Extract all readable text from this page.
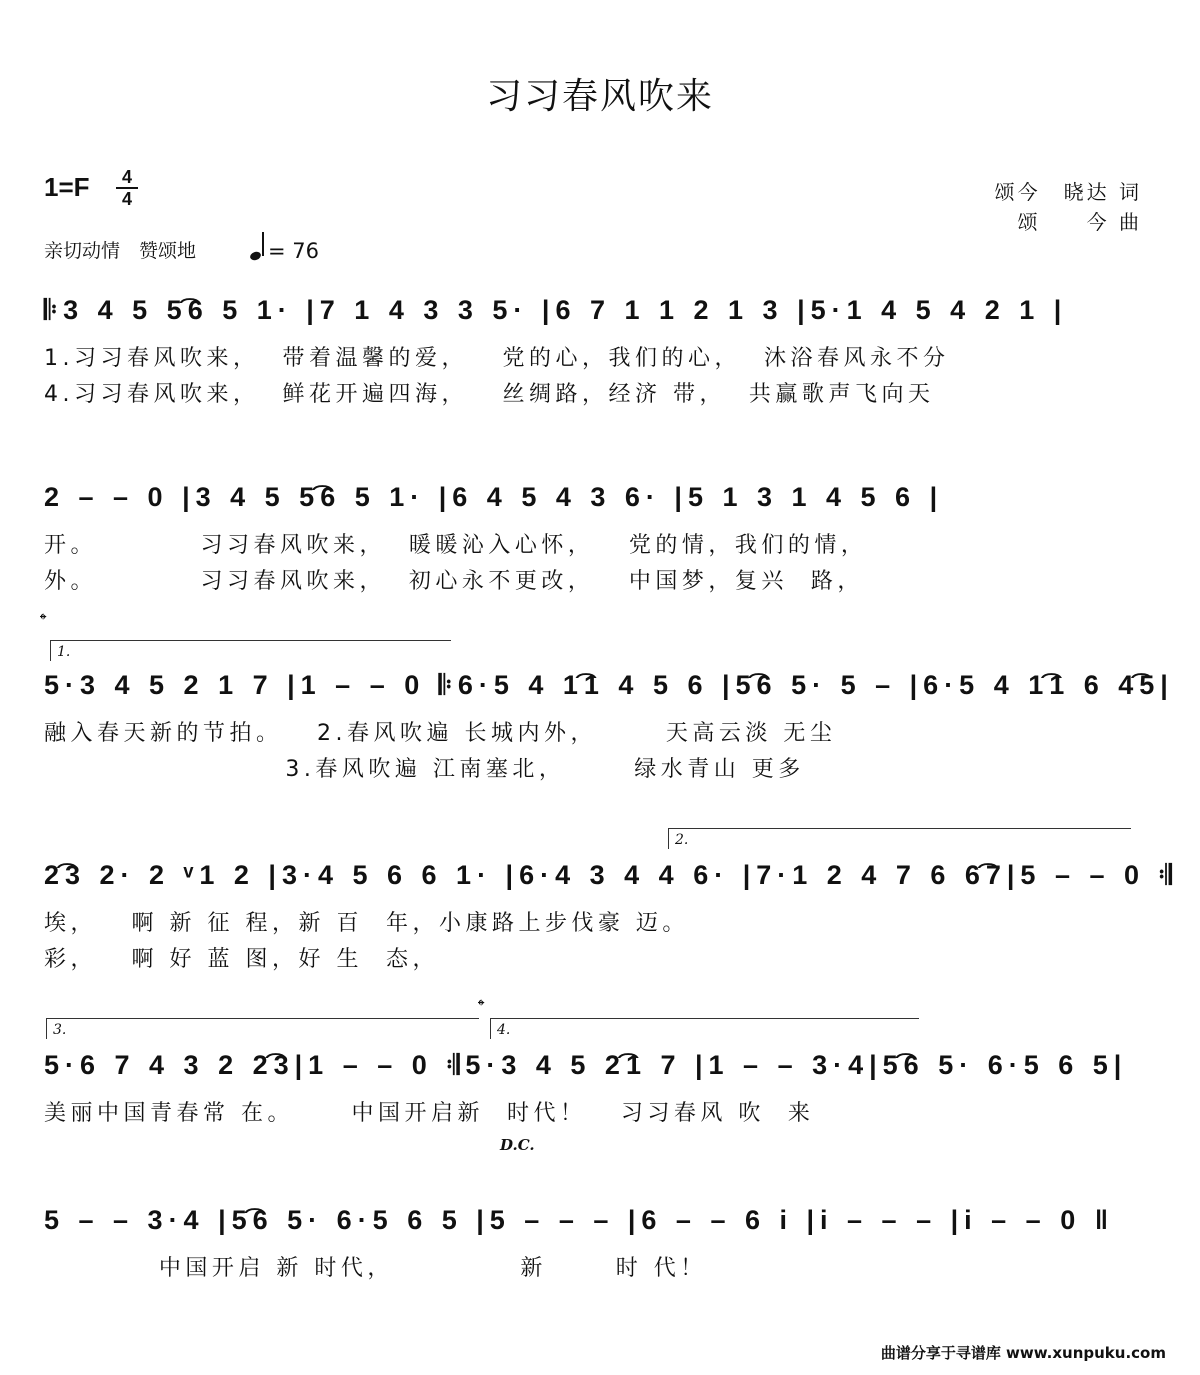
习习春风吹来
1=F	4
4
亲切动情　赞颂地	= 76
颂今　晓达 词
颂　　今 曲
𝄆3 4 5 5͡6 5 1· |7 1 4 3 3 5· |6 7 1 1 2 1 3 |5·1 4 5 4 2 1 |
1.习习春风吹来，  带着温馨的爱，   党的心，我们的心，  沐浴春风永不分
4.习习春风吹来，  鲜花开遍四海，   丝绸路，经济 带，  共赢歌声飞向天
2 – – 0 |3 4 5 5͡6 5 1· |6 4 5 4 3 6· |5 1 3 1 4 5 6 |
开。         习习春风吹来，  暖暖沁入心怀，   党的情，我们的情，
外。         习习春风吹来，  初心永不更改，   中国梦，复兴  路，
𝄌
1.
5·3 4 5 2 1 7 |1 – – 0 𝄆6·5 4 1͡1 4 5 6 |5͡6 5· 5 – |6·5 4 1͡1 6 4͡5|
融入春天新的节拍。   2.春风吹遍 长城内外，      天高云淡 无尘
3.春风吹遍 江南塞北，      绿水青山 更多
2.
2͡3 2· 2 ᵛ1 2 |3·4 5 6 6 1· |6·4 3 4 4 6· |7·1 2 4 7 6 6͡7|5 – – 0 𝄇
埃，   啊 新 征 程，新 百  年，小康路上步伐豪 迈。
彩，   啊 好 蓝 图，好 生  态，
𝄌
3.	4.
5·6 7 4 3 2 2͡3|1 – – 0 𝄇5·3 4 5 2͡1 7 |1 – – 3·4|5͡6 5· 6·5 6 5|
美丽中国青春常 在。     中国开启新  时代！   习习春风 吹  来
D.C.
5 – – 3·4 |5͡6 5· 6·5 6 5 |5 – – – |6 – – 6 i |i – – – |i – – 0 ‖
中国开启 新 时代，           新      时 代！
曲谱分享于寻谱库 www.xunpuku.com
